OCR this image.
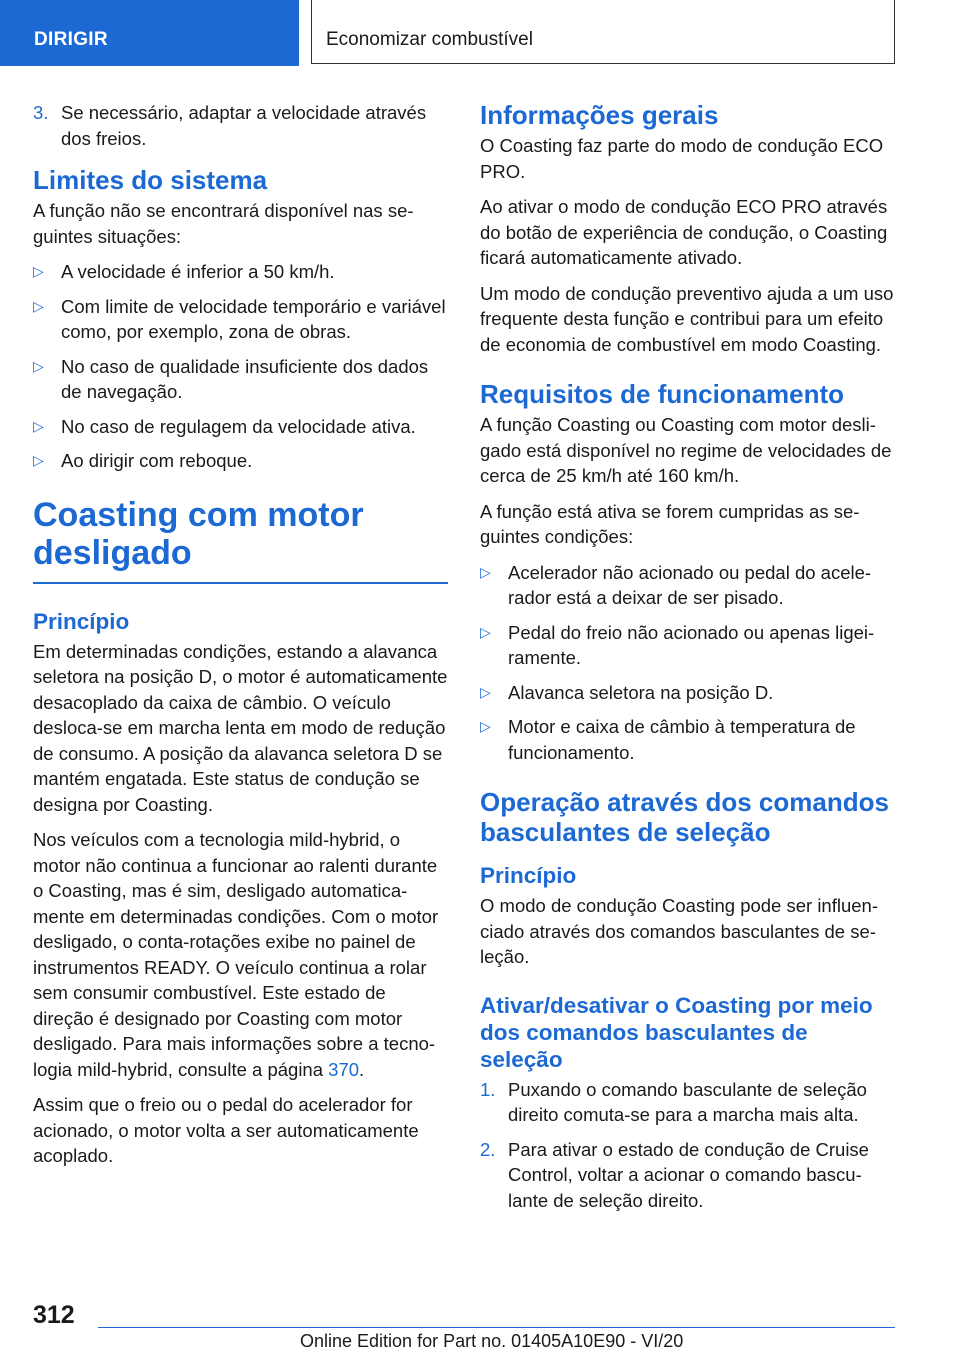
DIRIGIR	Economizar combustível
3. Se necessário, adaptar a velocidade através dos freios.
Limites do sistema

A função não se encontrará disponível nas seguintes situações:

▷ A velocidade é inferior a 50 km/h.
▷ Com limite de velocidade temporário e variável como, por exemplo, zona de obras.
▷ No caso de qualidade insuficiente dos dados de navegação.
▷ No caso de regulagem da velocidade ativa.
▷ Ao dirigir com reboque.
Coasting com motor desligado
Princípio

Em determinadas condições, estando a alavanca seletora na posição D, o motor é automaticamente desacoplado da caixa de câmbio. O veículo desloca-se em marcha lenta em modo de redução de consumo. A posição da alavanca seletora D se mantém engatada. Este status de condução se designa por Coasting.

Nos veículos com a tecnologia mild-hybrid, o motor não continua a funcionar ao ralenti durante o Coasting, mas é sim, desligado automaticamente em determinadas condições. Com o motor desligado, o conta-rotações exibe no painel de instrumentos READY. O veículo continua a rolar sem consumir combustível. Este estado de direção é designado por Coasting com motor desligado. Para mais informações sobre a tecnologia mild-hybrid, consulte a página 370.

Assim que o freio ou o pedal do acelerador for acionado, o motor volta a ser automaticamente acoplado.

Informações gerais

O Coasting faz parte do modo de condução ECO PRO.

Ao ativar o modo de condução ECO PRO através do botão de experiência de condução, o Coasting ficará automaticamente ativado.

Um modo de condução preventivo ajuda a um uso frequente desta função e contribui para um efeito de economia de combustível em modo Coasting.

Requisitos de funcionamento

A função Coasting ou Coasting com motor desligado está disponível no regime de velocidades de cerca de 25 km/h até 160 km/h.

A função está ativa se forem cumpridas as seguintes condições:

▷ Acelerador não acionado ou pedal do acelerador está a deixar de ser pisado.
▷ Pedal do freio não acionado ou apenas ligeiramente.
▷ Alavanca seletora na posição D.
▷ Motor e caixa de câmbio à temperatura de funcionamento.
Operação através dos comandos basculantes de seleção
Princípio

O modo de condução Coasting pode ser influenciado através dos comandos basculantes de seleção.

Ativar/desativar o Coasting por meio dos comandos basculantes de seleção
1. Puxando o comando basculante de seleção direito comuta-se para a marcha mais alta.
2. Para ativar o estado de condução de Cruise Control, voltar a acionar o comando basculante de seleção direito.
312
Online Edition for Part no. 01405A10E90 - VI/20
